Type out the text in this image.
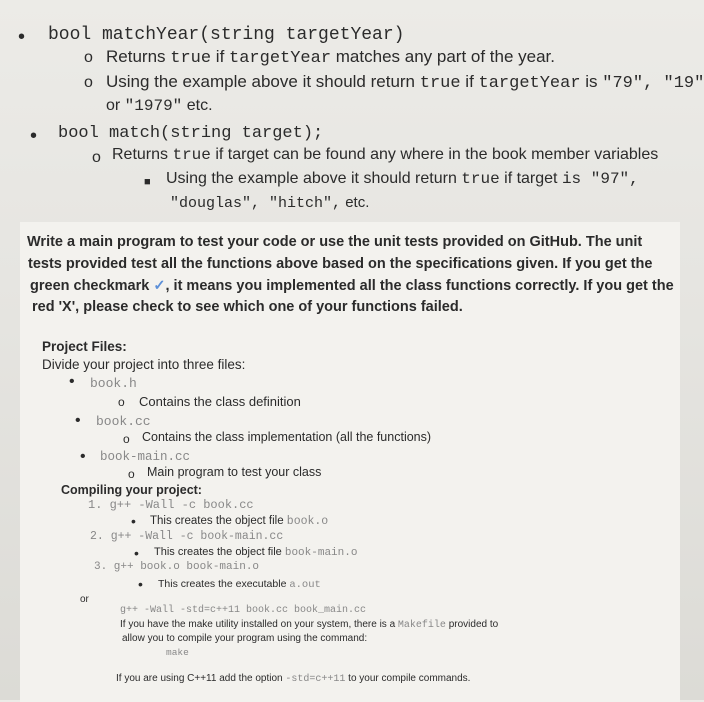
• bool matchYear(string targetYear)
o Returns true if targetYear matches any part of the year.
o Using the example above it should return true if targetYear is "79", "19"
or "1979" etc.
• bool match(string target);
o Returns true if target can be found any where in the book member variables
■ Using the example above it should return true if target is "97",
"douglas", "hitch", etc.
Write a main program to test your code or use the unit tests provided on GitHub. The unit
tests provided test all the functions above based on the specifications given. If you get the
green checkmark ✓, it means you implemented all the class functions correctly. If you get the
red 'X', please check to see which one of your functions failed.
Project Files:
Divide your project into three files:
• book.h
o Contains the class definition
• book.cc
o Contains the class implementation (all the functions)
• book-main.cc
o Main program to test your class
Compiling your project:
1. g++ -Wall -c book.cc
• This creates the object file book.o
2. g++ -Wall -c book-main.cc
• This creates the object file book-main.o
3. g++ book.o book-main.o
• This creates the executable a.out
or
g++ -Wall -std=c++11 book.cc book_main.cc
If you have the make utility installed on your system, there is a Makefile provided to
allow you to compile your program using the command:
make
If you are using C++11 add the option -std=c++11 to your compile commands.
